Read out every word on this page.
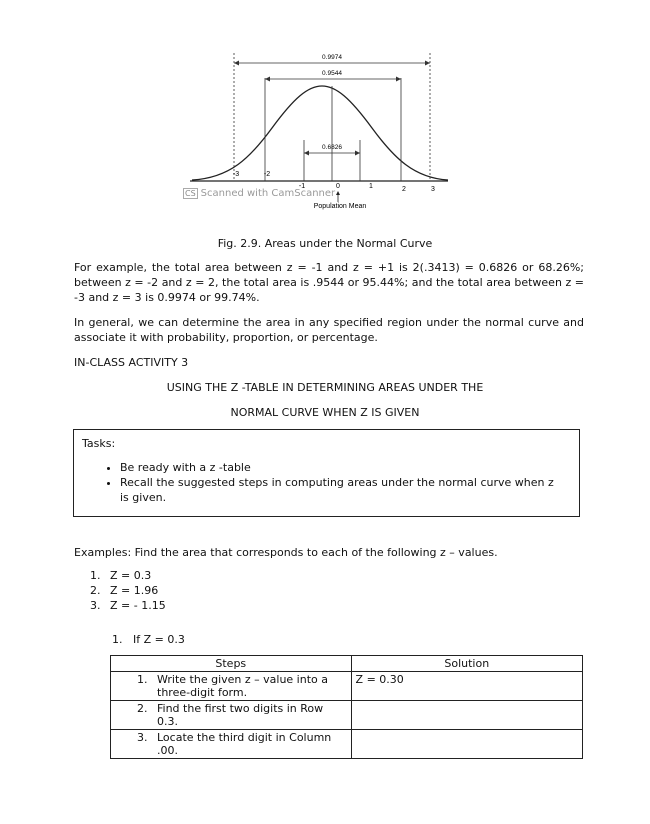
0.9974
0.9544
0.6826
-3	-2
-1	0	1	2	3
Population Mean
CS Scanned with CamScanner
Fig. 2.9. Areas under the Normal Curve
For example, the total area between z = -1 and z = +1 is 2(.3413) = 0.6826 or 68.26%; between z = -2 and z = 2, the total area is .9544 or 95.44%; and the total area between z = -3 and z = 3 is 0.9974 or 99.74%.
In general, we can determine the area in any specified region under the normal curve and associate it with probability, proportion, or percentage.
IN-CLASS ACTIVITY 3
USING THE Z -TABLE IN DETERMINING AREAS UNDER THE
NORMAL CURVE WHEN Z IS GIVEN
Tasks:
• Be ready with a z -table
• Recall the suggested steps in computing areas under the normal curve when z is given.
Examples: Find the area that corresponds to each of the following z – values.
1. Z = 0.3
2. Z = 1.96
3. Z = - 1.15
1.   If Z = 0.3
Steps	Solution

1. Write the given z – value into a three-digit form.	Z = 0.30

2. Find the first two digits in Row 0.3.	

3. Locate the third digit in Column .00.	
